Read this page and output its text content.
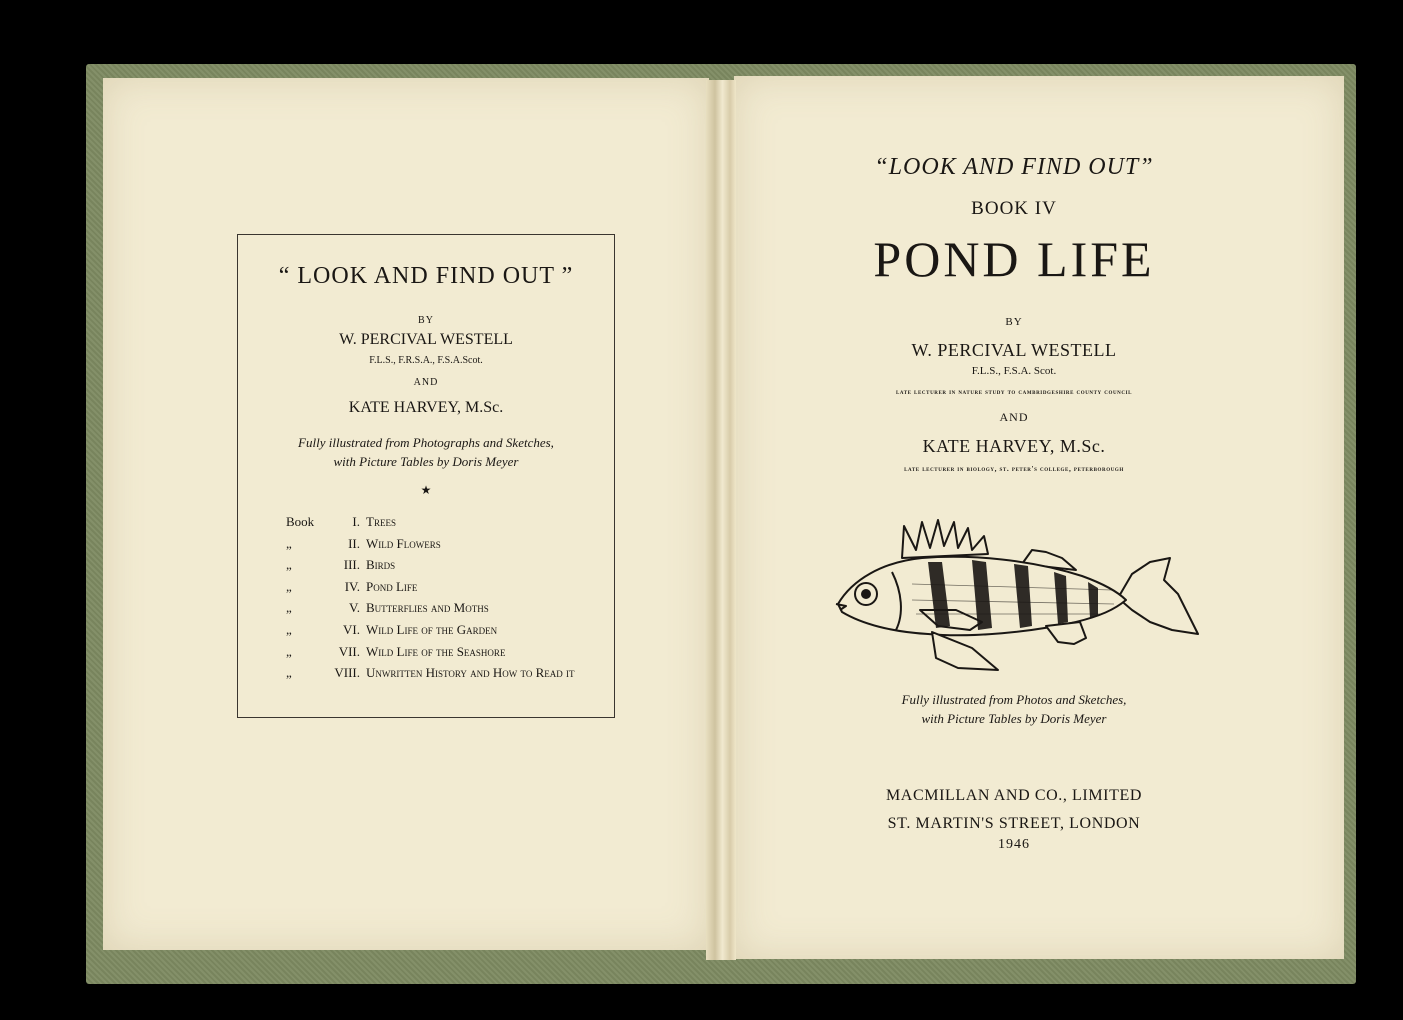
“ LOOK AND FIND OUT ”
BY
W. PERCIVAL WESTELL
F.L.S., F.R.S.A., F.S.A.Scot.
AND
KATE HARVEY, M.Sc.
Fully illustrated from Photographs and Sketches,
with Picture Tables by Doris Meyer
★
Book	I. Trees
„	II. Wild Flowers
„	III. Birds
„	IV. Pond Life
„	V. Butterflies and Moths
„	VI. Wild Life of the Garden
„	VII. Wild Life of the Seashore
„	VIII. Unwritten History and How to Read it
“LOOK AND FIND OUT”
BOOK IV
POND LIFE
BY
W. PERCIVAL WESTELL
F.L.S., F.S.A. Scot.
late lecturer in nature study to cambridgeshire county council
AND
KATE HARVEY, M.Sc.
late lecturer in biology, st. peter's college, peterborough
Fully illustrated from Photos and Sketches,
with Picture Tables by Doris Meyer
MACMILLAN AND CO., LIMITED
ST. MARTIN'S STREET, LONDON
1946
